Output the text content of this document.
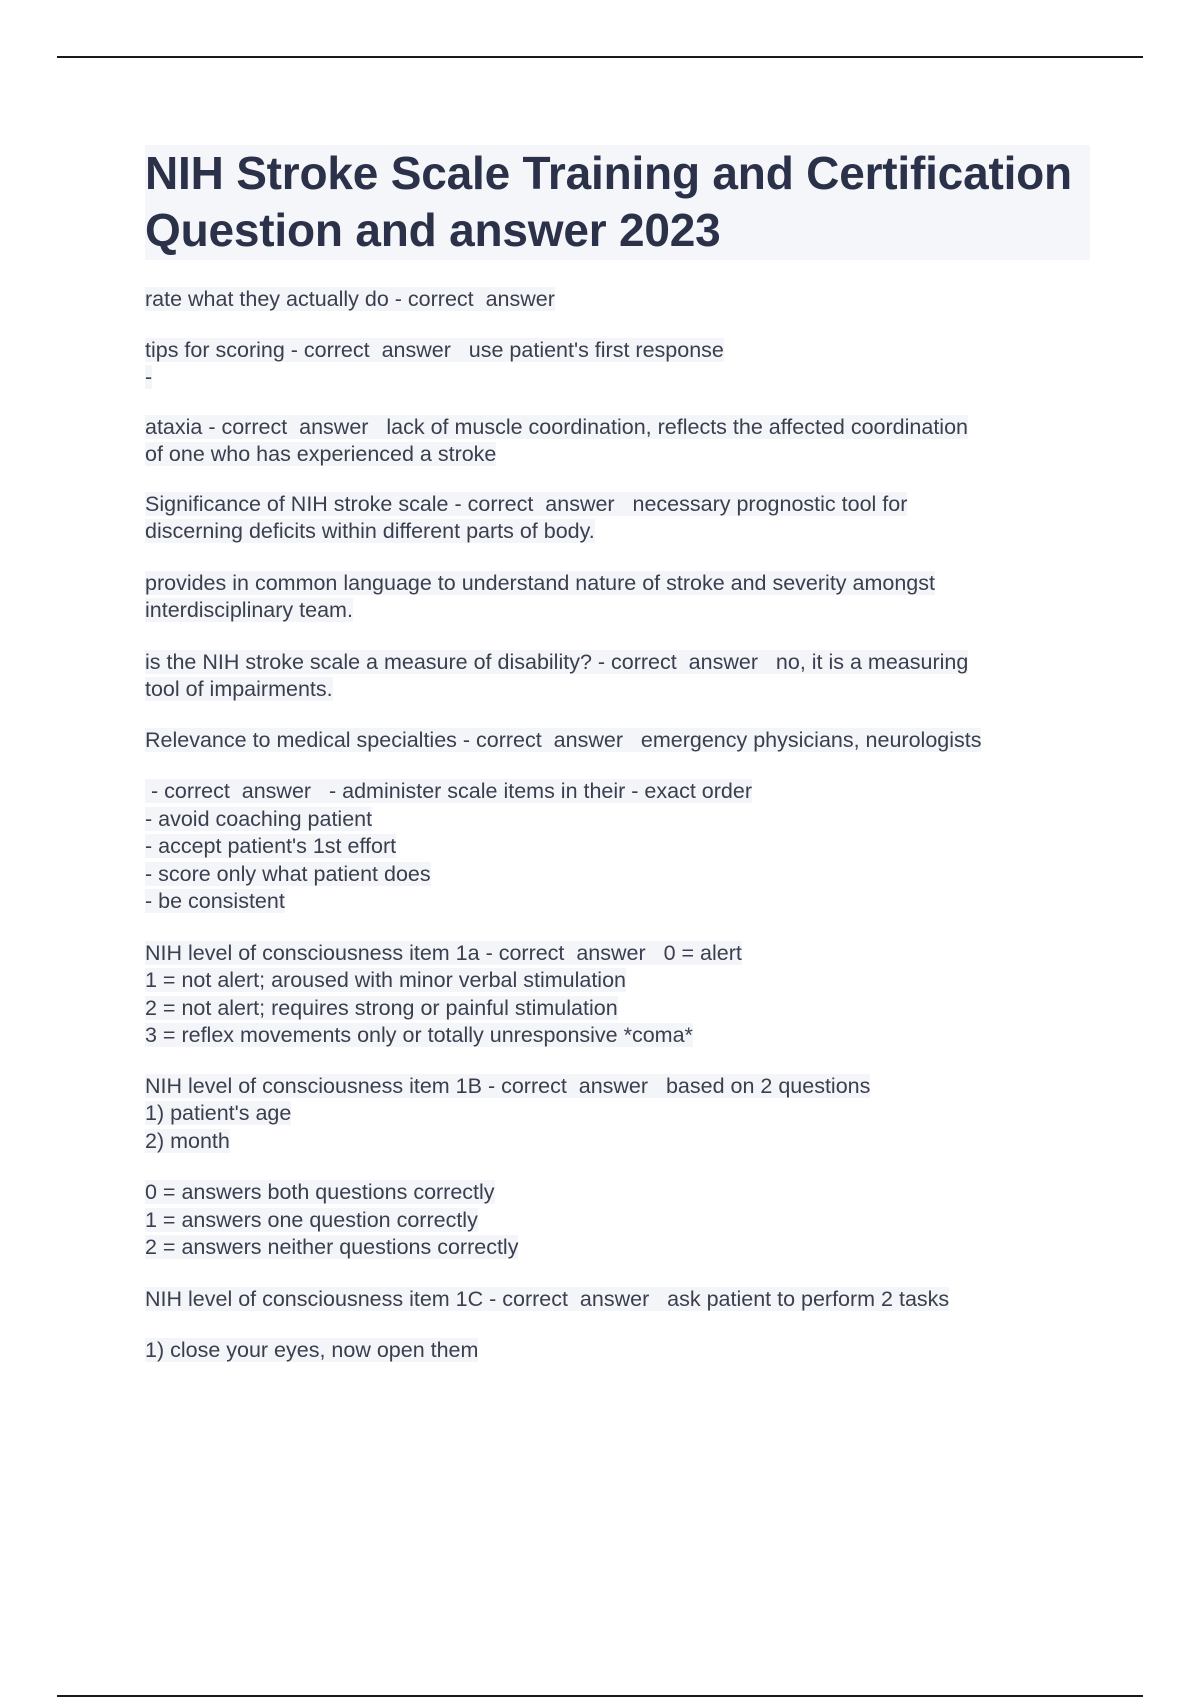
NIH Stroke Scale Training and Certification Question and answer 2023
rate what they actually do - correct  answer
tips for scoring - correct  answer   use patient's first response
-
ataxia - correct  answer   lack of muscle coordination, reflects the affected coordination
of one who has experienced a stroke
Significance of NIH stroke scale - correct  answer   necessary prognostic tool for
discerning deficits within different parts of body.
provides in common language to understand nature of stroke and severity amongst
interdisciplinary team.
is the NIH stroke scale a measure of disability? - correct  answer   no, it is a measuring
tool of impairments.
Relevance to medical specialties - correct  answer   emergency physicians, neurologists
- correct  answer   - administer scale items in their - exact order
- avoid coaching patient
- accept patient's 1st effort
- score only what patient does
- be consistent
NIH level of consciousness item 1a - correct  answer   0 = alert
1 = not alert; aroused with minor verbal stimulation
2 = not alert; requires strong or painful stimulation
3 = reflex movements only or totally unresponsive *coma*
NIH level of consciousness item 1B - correct  answer   based on 2 questions
1) patient's age
2) month
0 = answers both questions correctly
1 = answers one question correctly
2 = answers neither questions correctly
NIH level of consciousness item 1C - correct  answer   ask patient to perform 2 tasks
1) close your eyes, now open them
